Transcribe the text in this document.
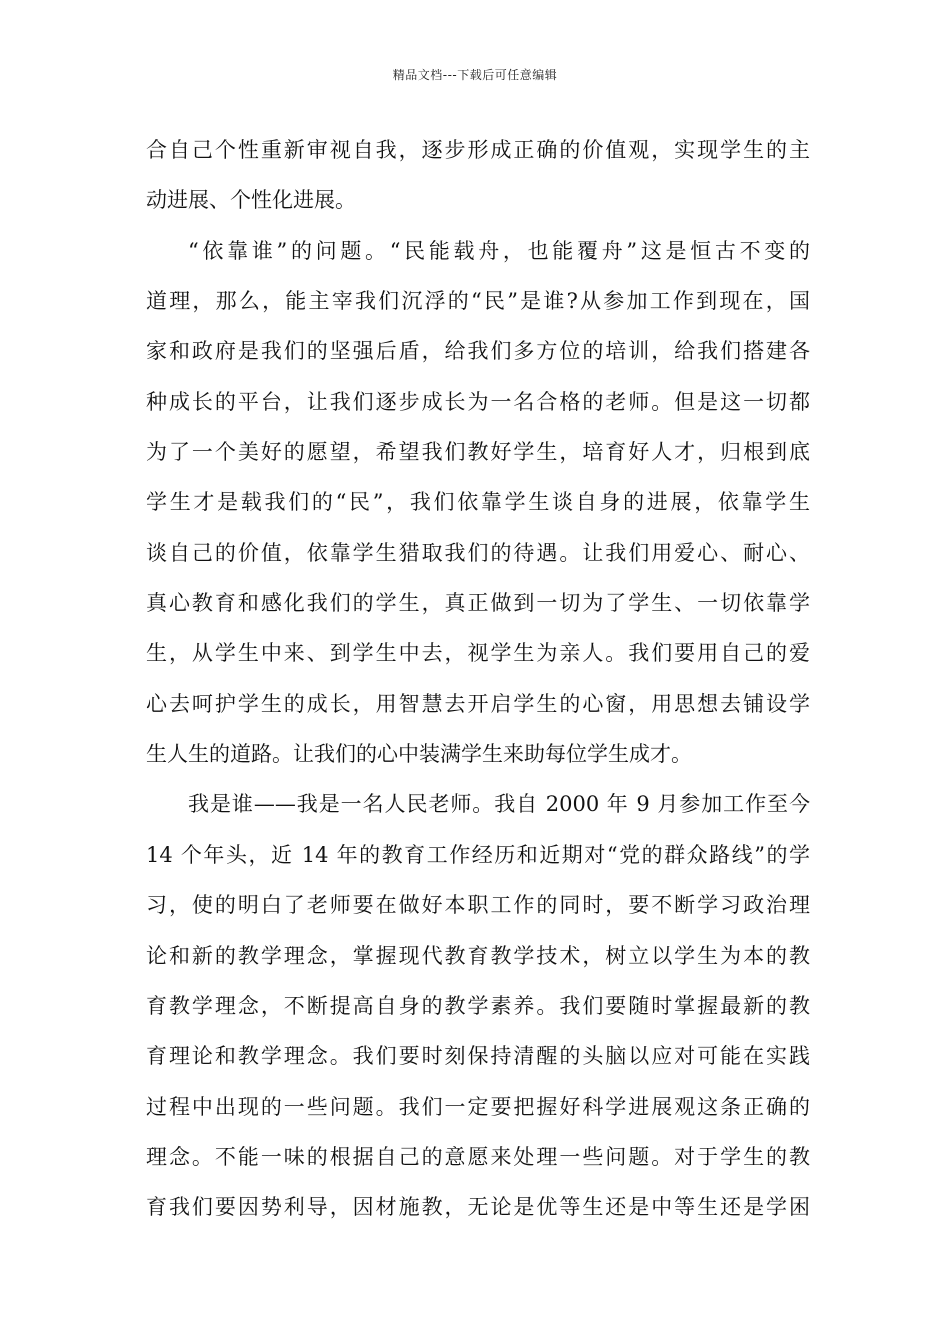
精品文档---下载后可任意编辑
合自己个性重新审视自我，逐步形成正确的价值观，实现学生的主
动进展、个性化进展。
“依靠谁”的问题。“民能载舟，也能覆舟”这是恒古不变的
道理，那么，能主宰我们沉浮的“民”是谁?从参加工作到现在，国
家和政府是我们的坚强后盾，给我们多方位的培训，给我们搭建各
种成长的平台，让我们逐步成长为一名合格的老师。但是这一切都
为了一个美好的愿望，希望我们教好学生，培育好人才，归根到底
学生才是载我们的“民”，我们依靠学生谈自身的进展，依靠学生
谈自己的价值，依靠学生猎取我们的待遇。让我们用爱心、耐心、
真心教育和感化我们的学生，真正做到一切为了学生、一切依靠学
生，从学生中来、到学生中去，视学生为亲人。我们要用自己的爱
心去呵护学生的成长，用智慧去开启学生的心窗，用思想去铺设学
生人生的道路。让我们的心中装满学生来助每位学生成才。
我是谁——我是一名人民老师。我自 2000 年 9 月参加工作至今
14 个年头，近 14 年的教育工作经历和近期对“党的群众路线”的学
习，使的明白了老师要在做好本职工作的同时，要不断学习政治理
论和新的教学理念，掌握现代教育教学技术，树立以学生为本的教
育教学理念，不断提高自身的教学素养。我们要随时掌握最新的教
育理论和教学理念。我们要时刻保持清醒的头脑以应对可能在实践
过程中出现的一些问题。我们一定要把握好科学进展观这条正确的
理念。不能一味的根据自己的意愿来处理一些问题。对于学生的教
育我们要因势利导，因材施教，无论是优等生还是中等生还是学困
